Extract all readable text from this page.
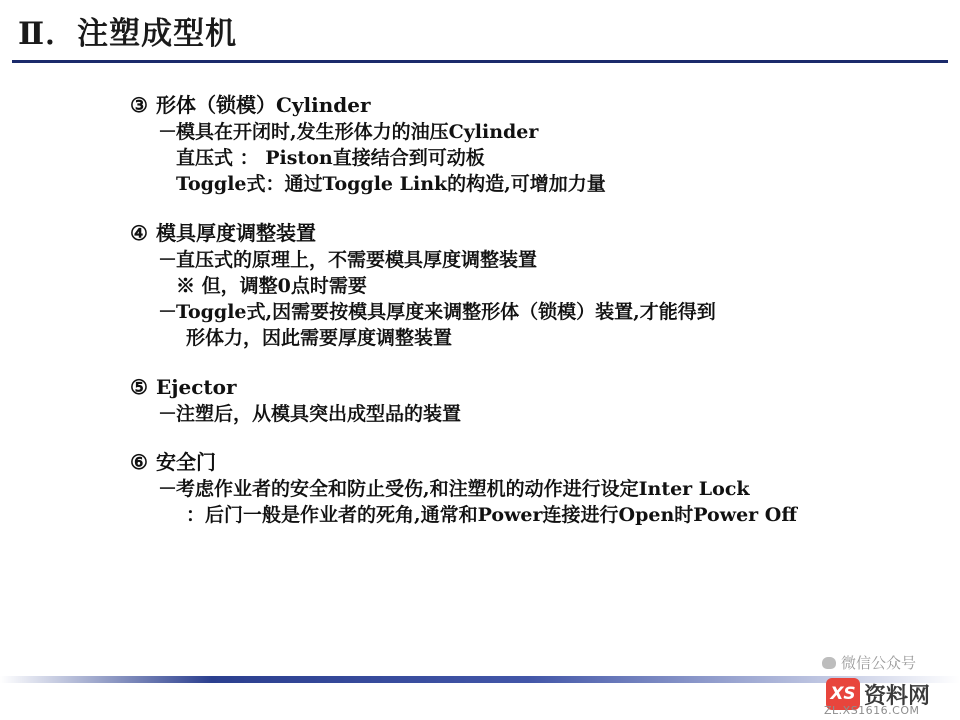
Ⅱ．注塑成型机
③ 形体（锁模）Cylinder
－模具在开闭时,发生形体力的油压Cylinder
直压式 ： Piston直接结合到可动板
Toggle式：通过Toggle Link的构造,可增加力量
④ 模具厚度调整装置
－直压式的原理上，不需要模具厚度调整装置
※ 但，调整0点时需要
－Toggle式,因需要按模具厚度来调整形体（锁模）装置,才能得到
形体力，因此需要厚度调整装置
⑤ Ejector
－注塑后，从模具突出成型品的装置
⑥ 安全门
－考虑作业者的安全和防止受伤,和注塑机的动作进行设定Inter Lock
：后门一般是作业者的死角,通常和Power连接进行Open时Power Off
微信公众号
XS 资料网
ZL.XS1616.COM
